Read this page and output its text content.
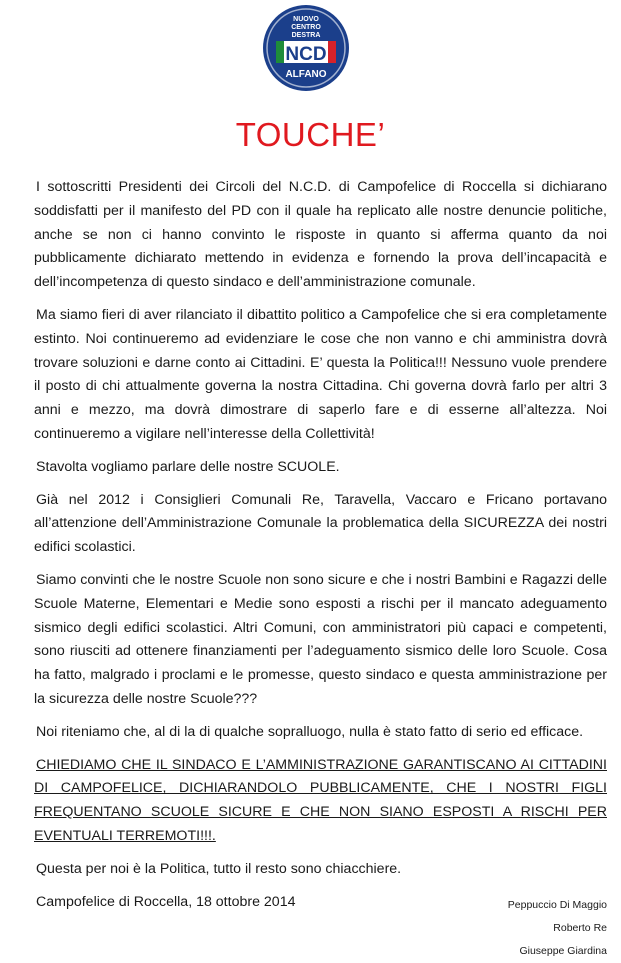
NUOVO
CENTRO
DESTRA
NCD
ALFANO
TOUCHE’

I sottoscritti Presidenti dei Circoli del N.C.D. di Campofelice di Roccella si dichiarano soddisfatti per il manifesto del PD con il quale ha replicato alle nostre denuncie politiche, anche se non ci hanno convinto le risposte in quanto si afferma quanto da noi pubblicamente dichiarato mettendo in evidenza e fornendo la prova dell’incapacità e dell’incompetenza di questo sindaco e dell’amministrazione comunale.

Ma siamo fieri di aver rilanciato il dibattito politico a Campofelice che si era completamente estinto. Noi continueremo ad evidenziare le cose che non vanno e chi amministra dovrà trovare soluzioni e darne conto ai Cittadini. E’ questa la Politica!!! Nessuno vuole prendere il posto di chi attualmente governa la nostra Cittadina. Chi governa dovrà farlo per altri 3 anni e mezzo, ma dovrà dimostrare di saperlo fare e di esserne all’altezza. Noi continueremo a vigilare nell’interesse della Collettività!

Stavolta vogliamo parlare delle nostre SCUOLE.

Già nel 2012 i Consiglieri Comunali Re, Taravella, Vaccaro e Fricano portavano all’attenzione dell’Amministrazione Comunale la problematica della SICUREZZA dei nostri edifici scolastici.

Siamo convinti che le nostre Scuole non sono sicure e che i nostri Bambini e Ragazzi delle Scuole Materne, Elementari e Medie sono esposti a rischi per il mancato adeguamento sismico degli edifici scolastici. Altri Comuni, con amministratori più capaci e competenti, sono riusciti ad ottenere finanziamenti per l’adeguamento sismico delle loro Scuole. Cosa ha fatto, malgrado i proclami e le promesse, questo sindaco e questa amministrazione per la sicurezza delle nostre Scuole???

Noi riteniamo che, al di la di qualche sopralluogo, nulla è stato fatto di serio ed efficace.

CHIEDIAMO CHE IL SINDACO E L’AMMINISTRAZIONE GARANTISCANO AI CITTADINI DI CAMPOFELICE, DICHIARANDOLO PUBBLICAMENTE, CHE I NOSTRI FIGLI FREQUENTANO SCUOLE SICURE E CHE NON SIANO ESPOSTI A RISCHI PER EVENTUALI TERREMOTI!!!.

Questa per noi è la Politica, tutto il resto sono chiacchiere.

Campofelice di Roccella, 18 ottobre 2014	Peppuccio Di Maggio
Roberto Re
Giuseppe Giardina
